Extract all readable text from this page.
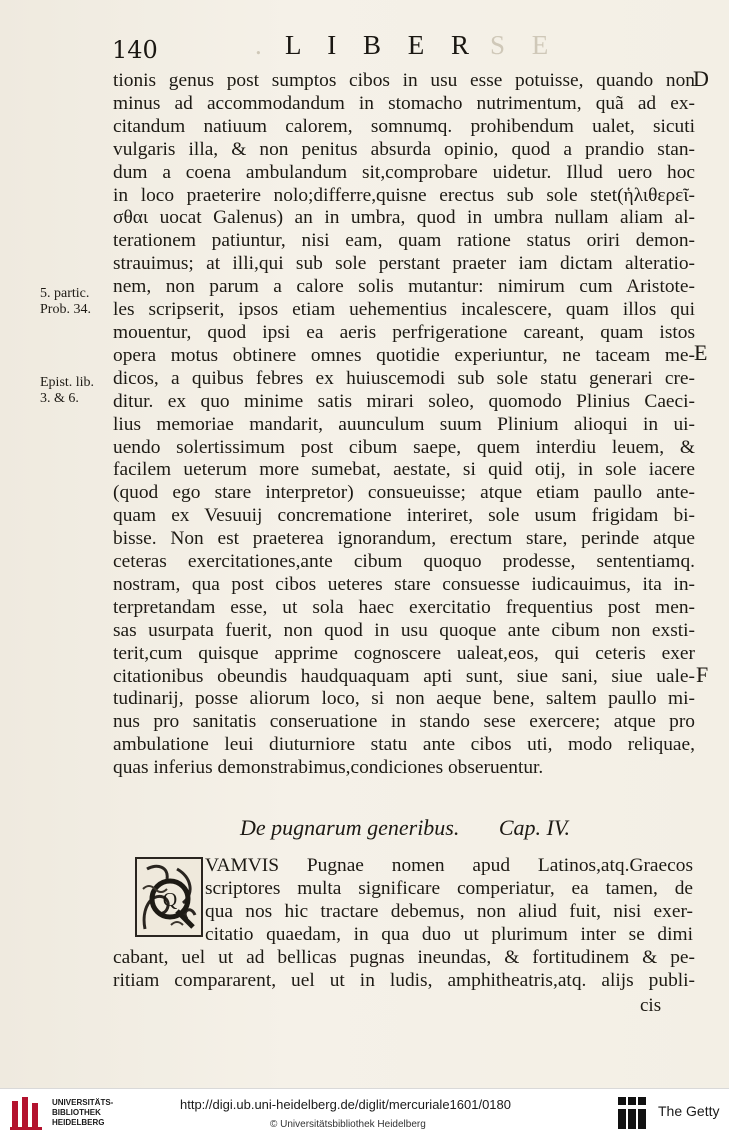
140	. L I B E R S E
D
E
F
5. partic.
Prob. 34.
Epist. lib.
3. & 6.
tionis genus post sumptos cibos in usu esse potuisse, quando non
minus ad accommodandum in stomacho nutrimentum, quã ad ex-
citandum natiuum calorem, somnumq. prohibendum ualet, sicuti
vulgaris illa, & non penitus absurda opinio, quod a prandio stan-
dum a coena ambulandum sit,comprobare uidetur. Illud uero hoc
in loco praeterire nolo;differre,quisne erectus sub sole stet(ἡλιθερεῖ-
σθαι uocat Galenus) an in umbra, quod in umbra nullam aliam al-
terationem patiuntur, nisi eam, quam ratione status oriri demon-
strauimus; at illi,qui sub sole perstant praeter iam dictam alteratio-
nem, non parum a calore solis mutantur: nimirum cum Aristote-
les scripserit, ipsos etiam uehementius incalescere, quam illos qui
mouentur, quod ipsi ea aeris perfrigeratione careant, quam istos
opera motus obtinere omnes quotidie experiuntur, ne taceam me-
dicos, a quibus febres ex huiuscemodi sub sole statu generari cre-
ditur. ex quo minime satis mirari soleo, quomodo Plinius Caeci-
lius memoriae mandarit, auunculum suum Plinium alioqui in ui-
uendo solertissimum post cibum saepe, quem interdiu leuem, &
facilem ueterum more sumebat, aestate, si quid otij, in sole iacere
(quod ego stare interpretor) consueuisse; atque etiam paullo ante-
quam ex Vesuuij concrematione interiret, sole usum frigidam bi-
bisse. Non est praeterea ignorandum, erectum stare, perinde atque
ceteras exercitationes,ante cibum quoquo prodesse, sententiamq.
nostram, qua post cibos ueteres stare consuesse iudicauimus, ita in-
terpretandam esse, ut sola haec exercitatio frequentius post men-
sas usurpata fuerit, non quod in usu quoque ante cibum non exsti-
terit,cum quisque apprime cognoscere ualeat,eos, qui ceteris exer
citationibus obeundis haudquaquam apti sunt, siue sani, siue uale-
tudinarij, posse aliorum loco, si non aeque bene, saltem paullo mi-
nus pro sanitatis conseruatione in stando sese exercere; atque pro
ambulatione leui diuturniore statu ante cibos uti, modo reliquae,
quas inferius demonstrabimus,condiciones obseruentur.
De pugnarum generibus. Cap. IV.
Q
VAMVIS Pugnae nomen apud Latinos,atq.Graecos
scriptores multa significare comperiatur, ea tamen, de
qua nos hic tractare debemus, non aliud fuit, nisi exer-
citatio quaedam, in qua duo ut plurimum inter se dimi
cabant, uel ut ad bellicas pugnas ineundas, & fortitudinem & pe-
ritiam compararent, uel ut in ludis, amphitheatris,atq. alijs publi-
cis
UNIVERSITÄTS-
BIBLIOTHEK
HEIDELBERG
http://digi.ub.uni-heidelberg.de/diglit/mercuriale1601/0180
© Universitätsbibliothek Heidelberg
The Getty
